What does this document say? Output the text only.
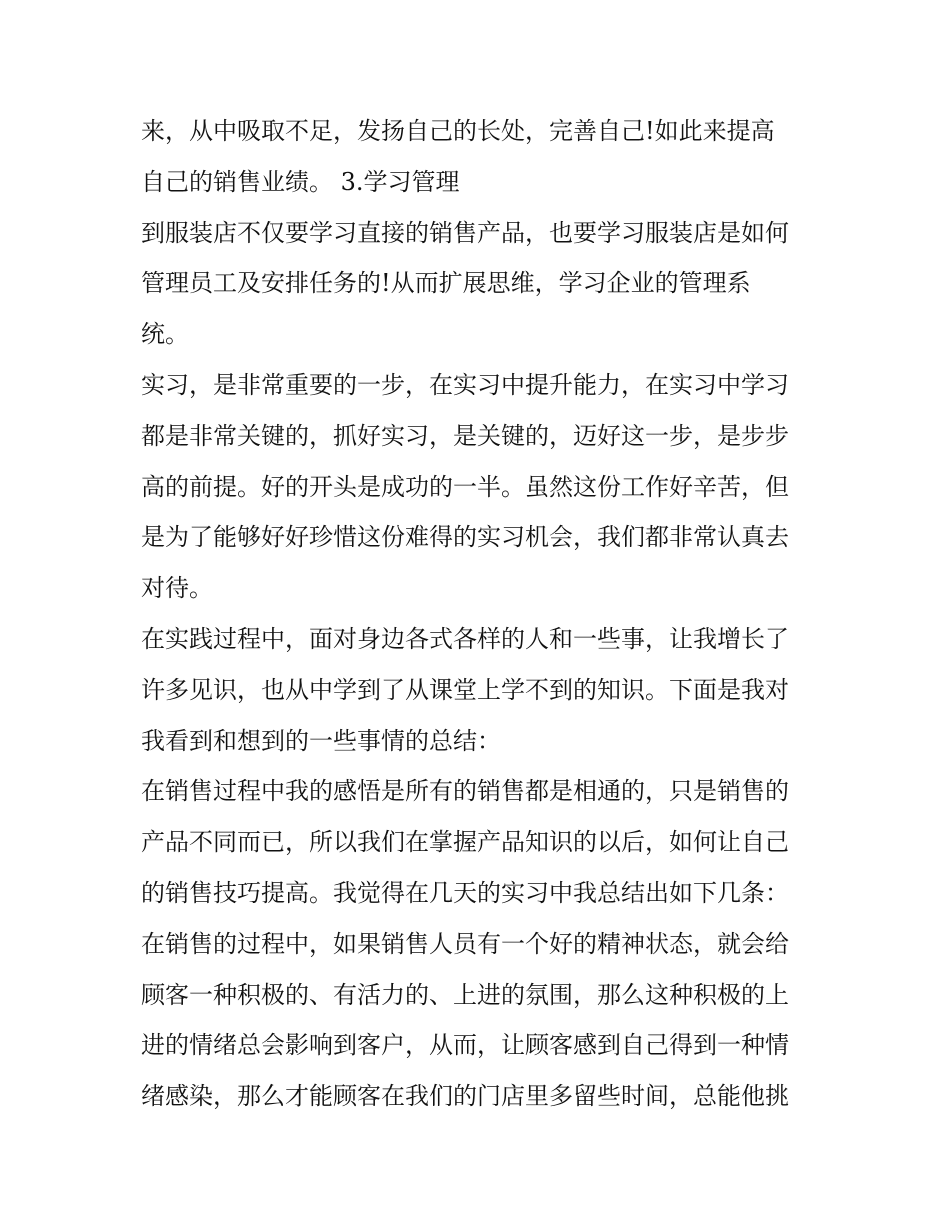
来，从中吸取不足，发扬自己的长处，完善自己!如此来提高

自己的销售业绩。 3.学习管理

到服装店不仅要学习直接的销售产品，也要学习服装店是如何

管理员工及安排任务的!从而扩展思维，学习企业的管理系

统。

实习，是非常重要的一步，在实习中提升能力，在实习中学习

都是非常关键的，抓好实习，是关键的，迈好这一步，是步步

高的前提。好的开头是成功的一半。虽然这份工作好辛苦，但

是为了能够好好珍惜这份难得的实习机会，我们都非常认真去

对待。

在实践过程中，面对身边各式各样的人和一些事，让我增长了

许多见识，也从中学到了从课堂上学不到的知识。下面是我对

我看到和想到的一些事情的总结：

在销售过程中我的感悟是所有的销售都是相通的，只是销售的

产品不同而已，所以我们在掌握产品知识的以后，如何让自己

的销售技巧提高。我觉得在几天的实习中我总结出如下几条：

在销售的过程中，如果销售人员有一个好的精神状态，就会给

顾客一种积极的、有活力的、上进的氛围，那么这种积极的上

进的情绪总会影响到客户，从而，让顾客感到自己得到一种情

绪感染，那么才能顾客在我们的门店里多留些时间，总能他挑
